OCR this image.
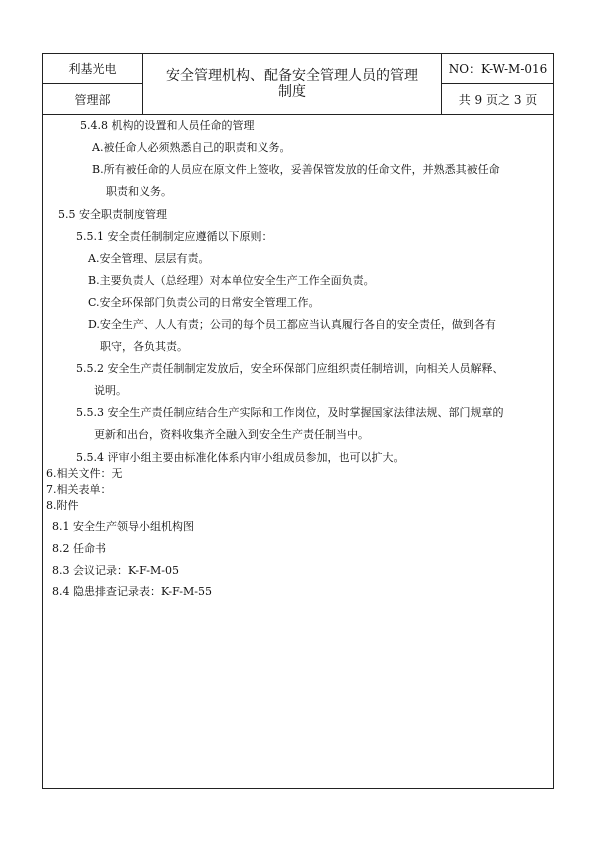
利基光电
管理部
安全管理机构、配备安全管理人员的管理
制度
NO：K-W-M-016
共 9 页之 3 页
5.4.8 机构的设置和人员任命的管理
A.被任命人必须熟悉自己的职责和义务。
B.所有被任命的人员应在原文件上签收，妥善保管发放的任命文件，并熟悉其被任命
职责和义务。
5.5 安全职责制度管理
5.5.1 安全责任制制定应遵循以下原则：
A.安全管理、层层有责。
B.主要负责人（总经理）对本单位安全生产工作全面负责。
C.安全环保部门负责公司的日常安全管理工作。
D.安全生产、人人有责；公司的每个员工都应当认真履行各自的安全责任，做到各有
职守，各负其责。
5.5.2 安全生产责任制制定发放后，安全环保部门应组织责任制培训，向相关人员解释、
说明。
5.5.3 安全生产责任制应结合生产实际和工作岗位，及时掌握国家法律法规、部门规章的
更新和出台，资料收集齐全融入到安全生产责任制当中。
5.5.4 评审小组主要由标准化体系内审小组成员参加，也可以扩大。
6.相关文件：无
7.相关表单：
8.附件
8.1 安全生产领导小组机构图
8.2 任命书
8.3 会议记录：K-F-M-05
8.4 隐患排查记录表：K-F-M-55
